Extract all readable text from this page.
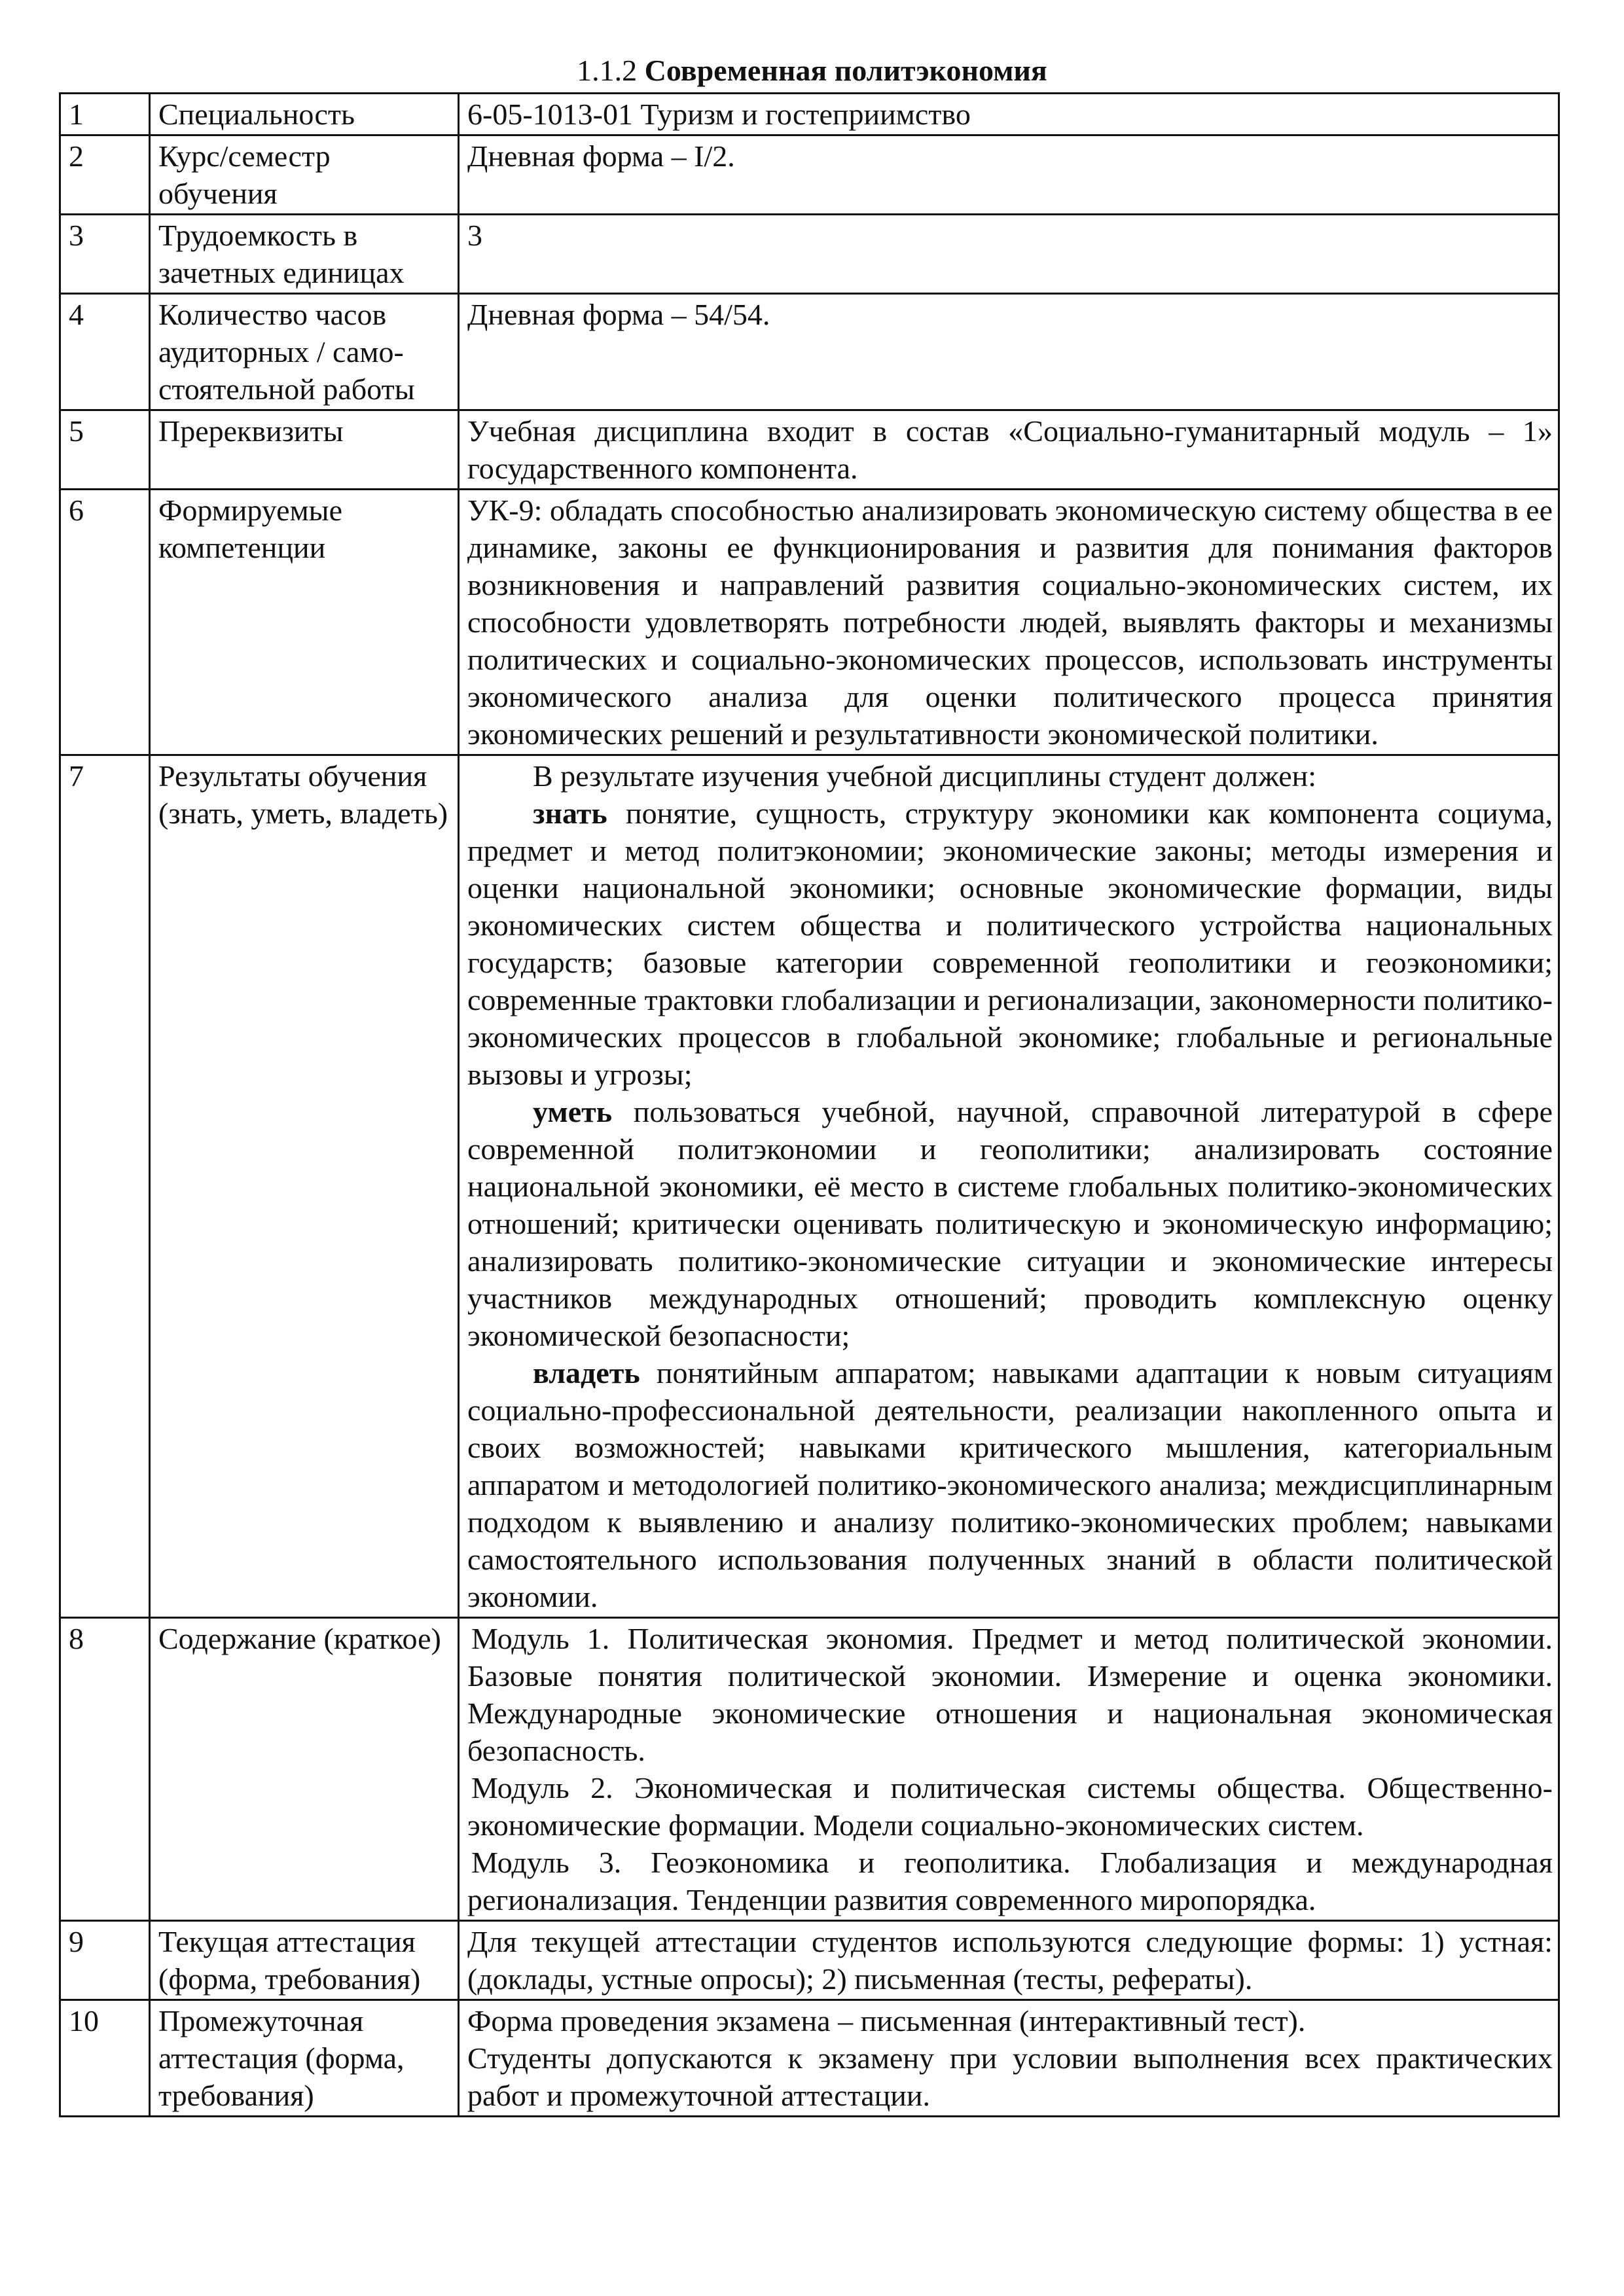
1.1.2 Современная политэкономия
1	Специальность	6-05-1013-01 Туризм и гостеприимство
2	Курс/семестр обучения	Дневная форма – I/2.
3	Трудоемкость в зачетных единицах	3
4	Количество часов аудиторных / само-стоятельной работы	Дневная форма – 54/54.
5	Пререквизиты	Учебная дисциплина входит в состав «Социально-гуманитарный модуль – 1» государственного компонента.
6	Формируемые компетенции	УК-9: обладать способностью анализировать экономическую систему общества в ее динамике, законы ее функционирования и развития для понимания факторов возникновения и направлений развития социально-экономических систем, их способности удовлетворять потребности людей, выявлять факторы и механизмы политических и социально-экономических процессов, использовать инструменты экономического анализа для оценки политического процесса принятия экономических решений и результативности экономической политики.
7	Результаты обучения (знать, уметь, владеть)	В результате изучения учебной дисциплины студент должен:

знать понятие, сущность, структуру экономики как компонента социума, предмет и метод политэкономии; экономические законы; методы измерения и оценки национальной экономики; основные экономические формации, виды экономических систем общества и политического устройства национальных государств; базовые категории современной геополитики и геоэкономики; современные трактовки глобализации и регионализации, закономерности политико-экономических процессов в глобальной экономике; глобальные и региональные вызовы и угрозы;

уметь пользоваться учебной, научной, справочной литературой в сфере современной политэкономии и геополитики; анализировать состояние национальной экономики, её место в системе глобальных политико-экономических отношений; критически оценивать политическую и экономическую информацию; анализировать политико-экономические ситуации и экономические интересы участников международных отношений; проводить комплексную оценку экономической безопасности;

владеть понятийным аппаратом; навыками адаптации к новым ситуациям социально-профессиональной деятельности, реализации накопленного опыта и своих возможностей; навыками критического мышления, категориальным аппаратом и методологией политико-экономического анализа; междисциплинарным подходом к выявлению и анализу политико-экономических проблем; навыками самостоятельного использования полученных знаний в области политической экономии.

8	Содержание (краткое)	Модуль 1. Политическая экономия. Предмет и метод политической экономии. Базовые понятия политической экономии. Измерение и оценка экономики. Международные экономические отношения и национальная экономическая безопасность.

Модуль 2. Экономическая и политическая системы общества. Общественно-экономические формации. Модели социально-экономических систем.

Модуль 3. Геоэкономика и геополитика. Глобализация и международная регионализация. Тенденции развития современного миропорядка.

9	Текущая аттестация (форма, требования)	Для текущей аттестации студентов используются следующие формы: 1) устная: (доклады, устные опросы); 2) письменная (тесты, рефераты).
10	Промежуточная аттестация (форма, требования)	Форма проведения экзамена – письменная (интерактивный тест).

Студенты допускаются к экзамену при условии выполнения всех практических работ и промежуточной аттестации.
